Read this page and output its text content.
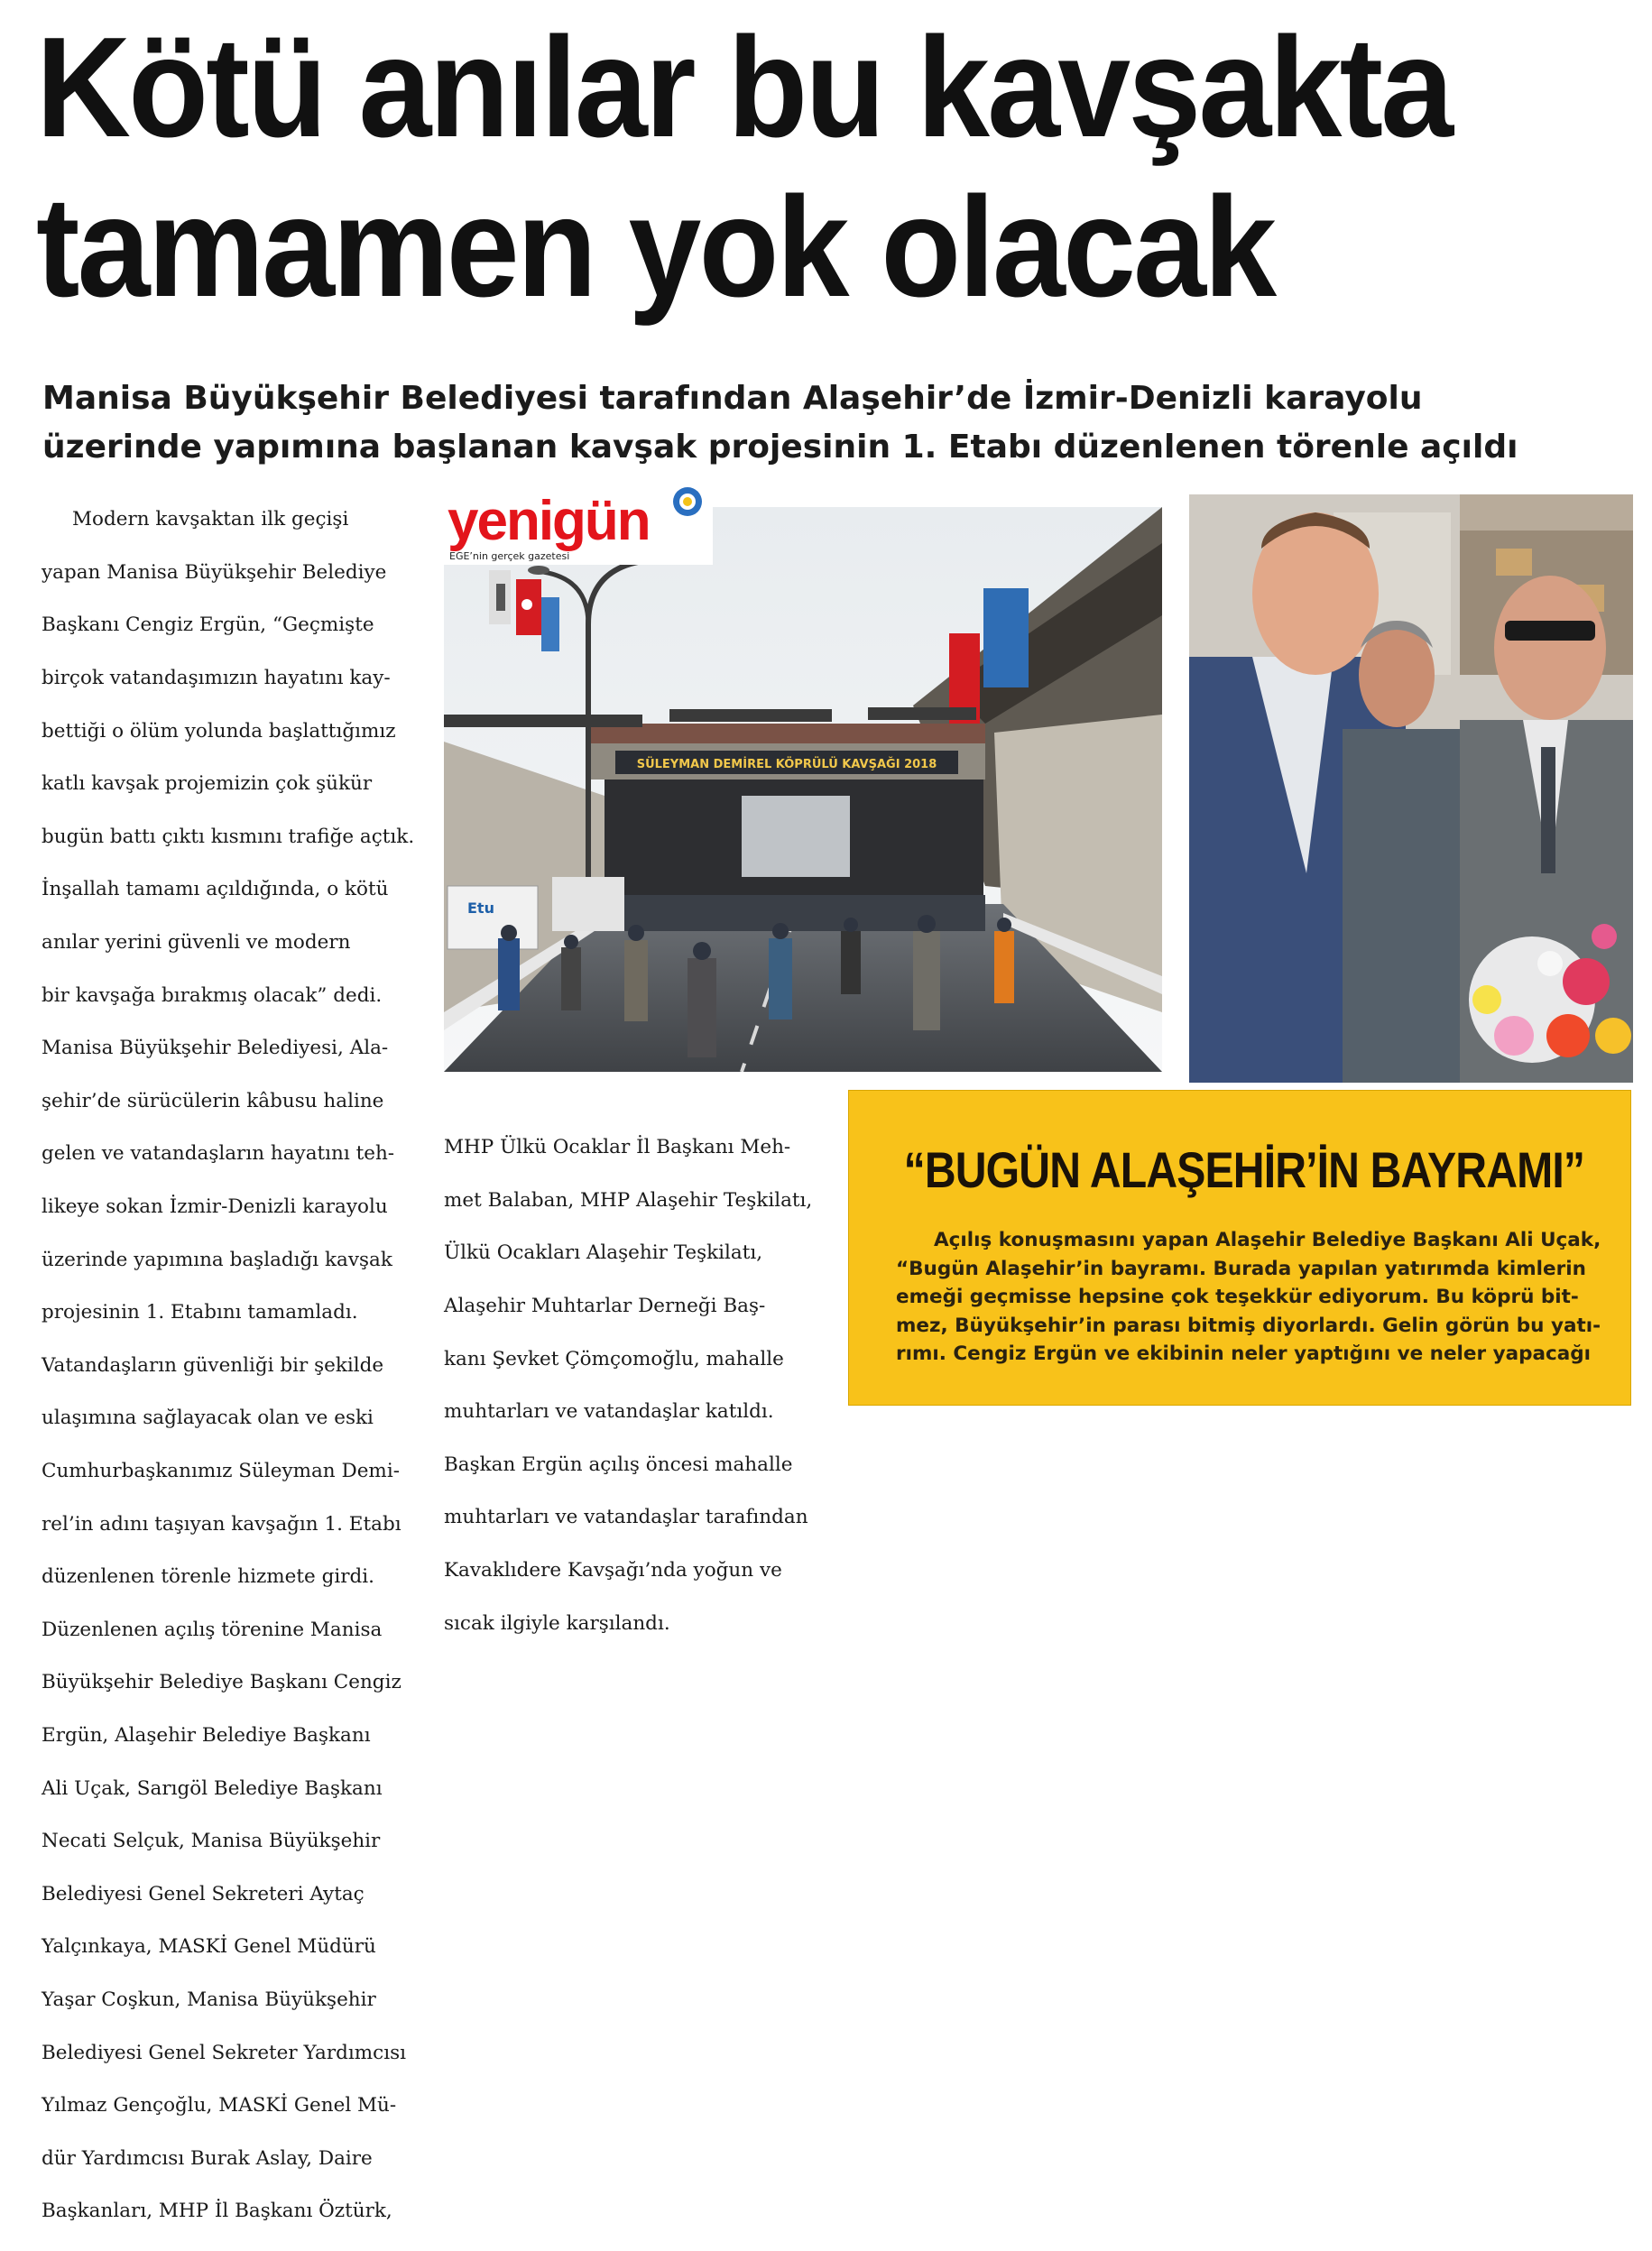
Kötü anılar bu kavşakta
tamamen yok olacak
Manisa Büyükşehir Belediyesi tarafından Alaşehir’de İzmir-Denizli karayolu
üzerinde yapımına başlanan kavşak projesinin 1. Etabı düzenlenen törenle açıldı

Modern kavşaktan ilk geçişi

yapan Manisa Büyükşehir Belediye

Başkanı Cengiz Ergün, “Geçmişte

birçok vatandaşımızın hayatını kay-

bettiği o ölüm yolunda başlattığımız

katlı kavşak projemizin çok şükür

bugün battı çıktı kısmını trafiğe açtık.

İnşallah tamamı açıldığında, o kötü

anılar yerini güvenli ve modern

bir kavşağa bırakmış olacak” dedi.

Manisa Büyükşehir Belediyesi, Ala-

şehir’de sürücülerin kâbusu haline

gelen ve vatandaşların hayatını teh-

likeye sokan İzmir-Denizli karayolu

üzerinde yapımına başladığı kavşak

projesinin 1. Etabını tamamladı.

Vatandaşların güvenliği bir şekilde

ulaşımına sağlayacak olan ve eski

Cumhurbaşkanımız Süleyman Demi-

rel’in adını taşıyan kavşağın 1. Etabı

düzenlenen törenle hizmete girdi.

Düzenlenen açılış törenine Manisa

Büyükşehir Belediye Başkanı Cengiz

Ergün, Alaşehir Belediye Başkanı

Ali Uçak, Sarıgöl Belediye Başkanı

Necati Selçuk, Manisa Büyükşehir

Belediyesi Genel Sekreteri Aytaç

Yalçınkaya, MASKİ Genel Müdürü

Yaşar Coşkun, Manisa Büyükşehir

Belediyesi Genel Sekreter Yardımcısı

Yılmaz Gençoğlu, MASKİ Genel Mü-

dür Yardımcısı Burak Aslay, Daire

Başkanları, MHP İl Başkanı Öztürk,

SÜLEYMAN DEMİREL KÖPRÜLÜ KAVŞAĞI 2018
Etu
yenigün
EGE’nin gerçek gazetesi

MHP Ülkü Ocaklar İl Başkanı Meh-

met Balaban, MHP Alaşehir Teşkilatı,

Ülkü Ocakları Alaşehir Teşkilatı,

Alaşehir Muhtarlar Derneği Baş-

kanı Şevket Çömçomoğlu, mahalle

muhtarları ve vatandaşlar katıldı.

Başkan Ergün açılış öncesi mahalle

muhtarları ve vatandaşlar tarafından

Kavaklıdere Kavşağı’nda yoğun ve

sıcak ilgiyle karşılandı.

“BUGÜN ALAŞEHİR’İN BAYRAMI”

Açılış konuşmasını yapan Alaşehir Belediye Başkanı Ali Uçak,

“Bugün Alaşehir’in bayramı. Burada yapılan yatırımda kimlerin

emeği geçmisse hepsine çok teşekkür ediyorum. Bu köprü bit-

mez, Büyükşehir’in parası bitmiş diyorlardı. Gelin görün bu yatı-

rımı. Cengiz Ergün ve ekibinin neler yaptığını ve neler yapacağı
